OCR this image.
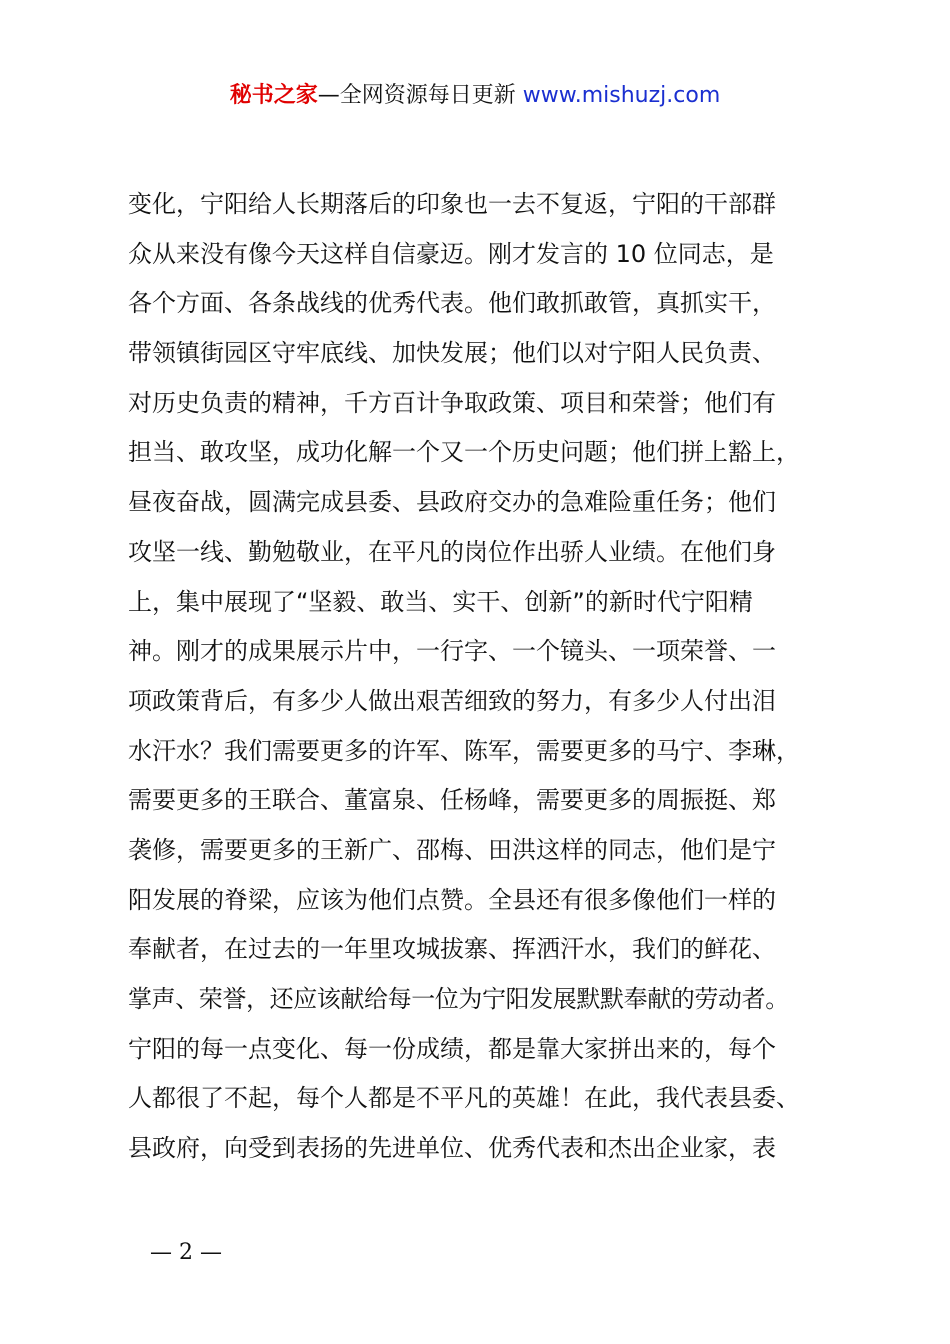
秘书之家—全网资源每日更新 www.mishuzj.com
变化，宁阳给人长期落后的印象也一去不复返，宁阳的干部群
众从来没有像今天这样自信豪迈。刚才发言的 10 位同志，是
各个方面、各条战线的优秀代表。他们敢抓敢管，真抓实干，
带领镇街园区守牢底线、加快发展；他们以对宁阳人民负责、
对历史负责的精神，千方百计争取政策、项目和荣誉；他们有
担当、敢攻坚，成功化解一个又一个历史问题；他们拼上豁上，
昼夜奋战，圆满完成县委、县政府交办的急难险重任务；他们
攻坚一线、勤勉敬业，在平凡的岗位作出骄人业绩。在他们身
上，集中展现了“坚毅、敢当、实干、创新”的新时代宁阳精
神。刚才的成果展示片中，一行字、一个镜头、一项荣誉、一
项政策背后，有多少人做出艰苦细致的努力，有多少人付出泪
水汗水？我们需要更多的许军、陈军，需要更多的马宁、李琳，
需要更多的王联合、董富泉、任杨峰，需要更多的周振挺、郑
袭修，需要更多的王新广、邵梅、田洪这样的同志，他们是宁
阳发展的脊梁，应该为他们点赞。全县还有很多像他们一样的
奉献者，在过去的一年里攻城拔寨、挥洒汗水，我们的鲜花、
掌声、荣誉，还应该献给每一位为宁阳发展默默奉献的劳动者。
宁阳的每一点变化、每一份成绩，都是靠大家拼出来的，每个
人都很了不起，每个人都是不平凡的英雄！在此，我代表县委、
县政府，向受到表扬的先进单位、优秀代表和杰出企业家，表
— 2 —
